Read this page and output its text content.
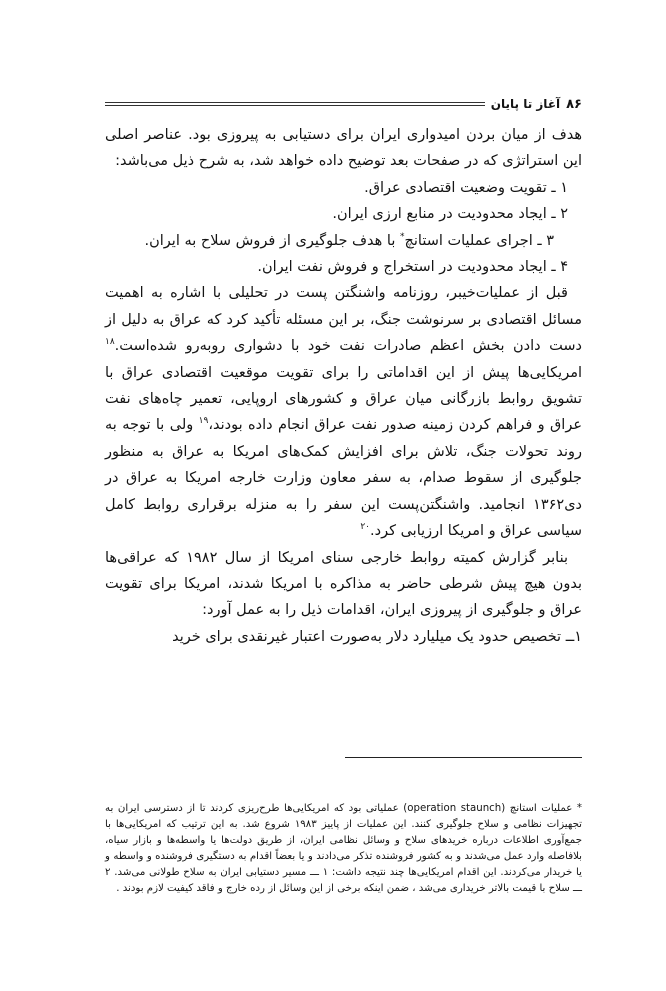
۸۶
آغاز تا پایان

هدف از میان بردن امیدواری ایران برای دستیابی به پیروزی بود. عناصر اصلی این استراتژی که در صفحات بعد توضیح داده خواهد شد، به شرح ذیل می‌باشد:

۱ ـ تقویت وضعیت اقتصادی عراق.

۲ ـ ایجاد محدودیت در منابع ارزی ایران.

۳ ـ اجرای عملیات استانچ* با هدف جلوگیری از فروش سلاح به ایران.

۴ ـ ایجاد محدودیت در استخراج و فروش نفت ایران.

قبل از عملیات‌خیبر، روزنامه واشنگتن پست در تحلیلی با اشاره به اهمیت مسائل اقتصادی بر سرنوشت جنگ، بر این مسئله تأکید کرد که عراق به دلیل از دست دادن بخش اعظم صادرات نفت خود با دشواری روبه‌رو شده‌است.$^{۱۸}$ امریکایی‌ها پیش از این اقداماتی را برای تقویت موقعیت اقتصادی عراق با تشویق روابط بازرگانی میان عراق و کشورهای اروپایی، تعمیر چاه‌های نفت عراق و فراهم کردن زمینه صدور نفت عراق انجام داده بودند،$^{۱۹}$ ولی با توجه به روند تحولات جنگ، تلاش برای افزایش کمک‌های امریکا به عراق به منظور جلوگیری از سقوط صدام، به سفر معاون وزارت خارجه امریکا به عراق در دی۱۳۶۲ انجامید. واشنگتن‌پست این سفر را به منزله برقراری روابط کامل سیاسی عراق و امریکا ارزیابی کرد.$^{۲۰}$

بنابر گزارش کمیته روابط خارجی سنای امریکا از سال ۱۹۸۲ که عراقی‌ها بدون هیچ پیش شرطی حاضر به مذاکره با امریکا شدند، امریکا برای تقویت عراق و جلوگیری از پیروزی ایران، اقدامات ذیل را به عمل آورد:

۱ــ تخصیص حدود یک میلیارد دلار به‌صورت اعتبار غیرنقدی برای خرید

* عملیات استانچ (operation staunch) عملیاتی بود که امریکایی‌ها طرح‌ریزی کردند تا از دسترسی ایران به تجهیزات نظامی و سلاح جلوگیری کنند. این عملیات از پاییز ۱۹۸۳ شروع شد. به این ترتیب که امریکایی‌ها با جمع‌آوری اطلاعات درباره خریدهای سلاح و وسائل نظامی ایران، از طریق دولت‌ها یا واسطه‌ها و بازار سیاه، بلافاصله وارد عمل می‌شدند و به کشور فروشنده تذکر می‌دادند و یا بعضاً اقدام به دستگیری فروشنده و واسطه و یا خریدار می‌کردند. این اقدام امریکایی‌ها چند نتیجه داشت: ۱ ـــ مسیر دستیابی ایران به سلاح طولانی می‌شد. ۲ ـــ سلاح با قیمت بالاتر خریداری می‌شد ، ضمن اینکه برخی از این وسائل از رده خارج و فاقد کیفیت لازم بودند .
